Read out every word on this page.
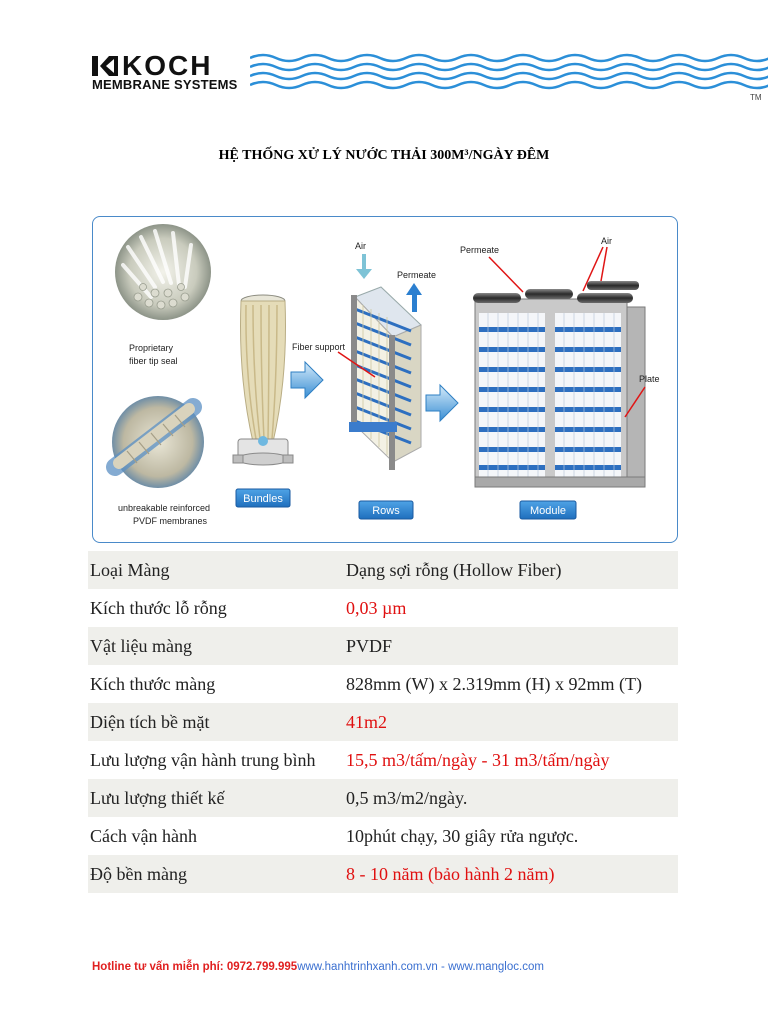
KOCH
MEMBRANE SYSTEMS
TM
HỆ THỐNG XỬ LÝ NƯỚC THẢI 300M³/NGÀY ĐÊM
Proprietary
fiber tip seal
unbreakable reinforced
PVDF membranes
Bundles
Rows	Module
Air
Permeate
Fiber support
Permeate
Air
Plate
Loại Màng	Dạng sợi rỗng (Hollow Fiber)
Kích thước lỗ rỗng	0,03 µm
Vật liệu màng	PVDF
Kích thước màng	828mm (W) x 2.319mm (H) x 92mm (T)
Diện tích bề mặt	41m2
Lưu lượng vận hành trung bình	15,5 m3/tấm/ngày - 31 m3/tấm/ngày
Lưu lượng thiết kế	0,5 m3/m2/ngày.
Cách vận hành	10phút chạy, 30 giây rửa ngược.
Độ bền màng	8 - 10 năm (bảo hành 2 năm)
Hotline tư vấn miễn phí: 0972.799.995www.hanhtrinhxanh.com.vn - www.mangloc.com
